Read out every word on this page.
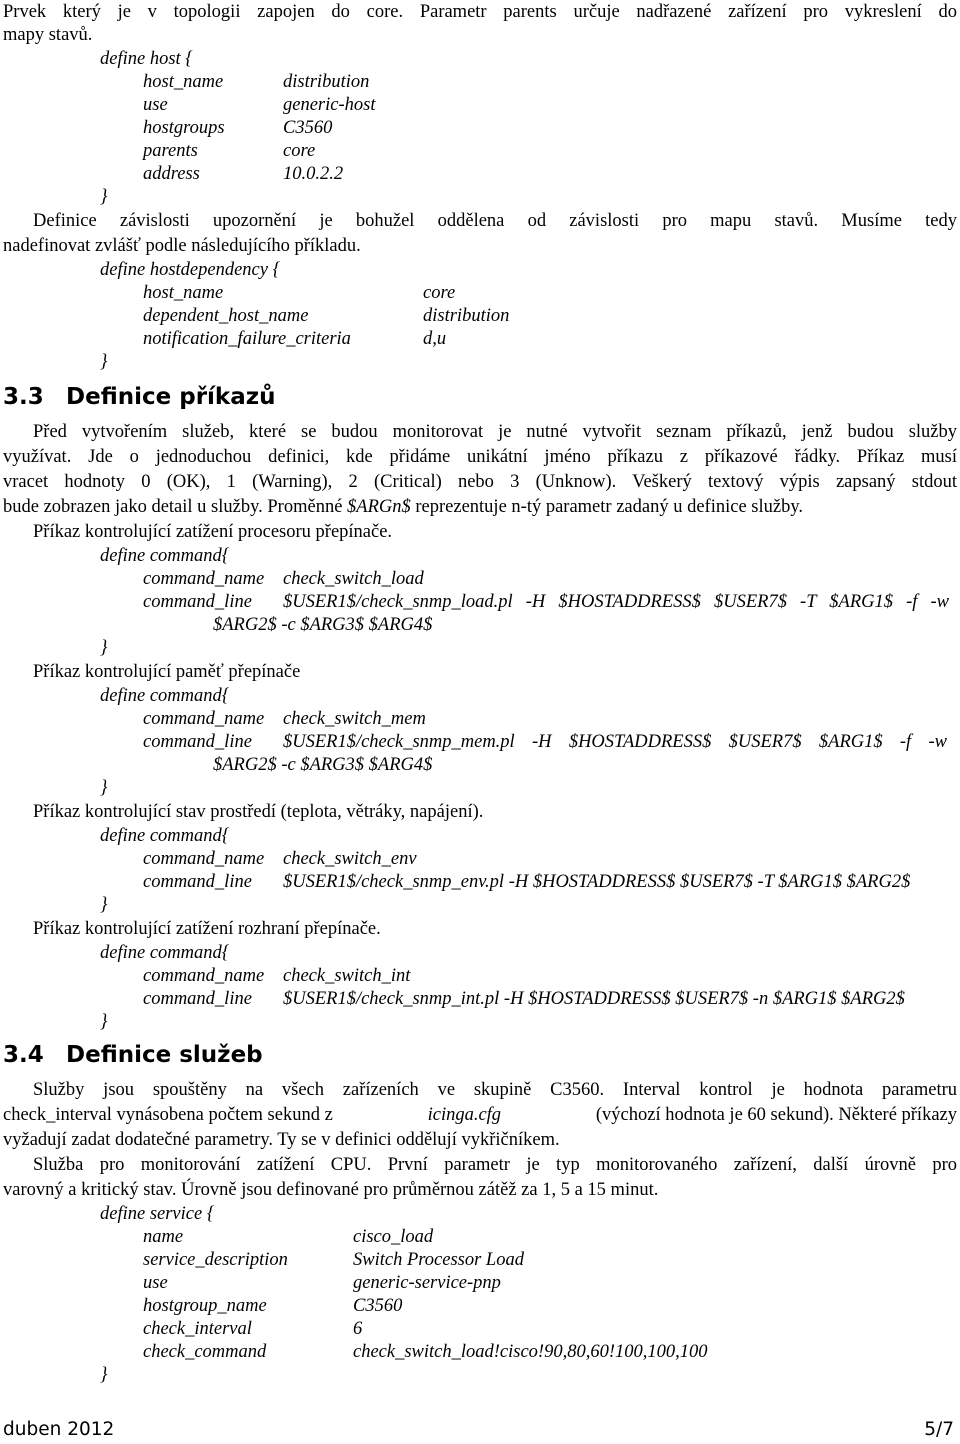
Prvek který je v topologii zapojen do core. Parametr parents určuje nadřazené zařízení pro vykreslení do
mapy stavů.
define host {
host_name	distribution
use	generic-host
hostgroups	C3560
parents	core
address	10.0.2.2
}
Definice závislosti upozornění je bohužel oddělena od závislosti pro mapu stavů. Musíme tedy
nadefinovat zvlášť podle následujícího příkladu.
define hostdependency {
host_name	core
dependent_host_name	distribution
notification_failure_criteria	d,u
}
3.3 Definice příkazů
Před vytvořením služeb, které se budou monitorovat je nutné vytvořit seznam příkazů, jenž budou služby
využívat. Jde o jednoduchou definici, kde přidáme unikátní jméno příkazu z příkazové řádky. Příkaz musí
vracet hodnoty 0 (OK), 1 (Warning), 2 (Critical) nebo 3 (Unknow). Veškerý textový výpis zapsaný stdout
bude zobrazen jako detail u služby. Proměnné $ARGn$ reprezentuje n-tý parametr zadaný u definice služby.
Příkaz kontrolující zatížení procesoru přepínače.
define command{
command_name check_switch_load
command_line $USER1$/check_snmp_load.pl -H $HOSTADDRESS$ $USER7$ -T $ARG1$ -f -w
$ARG2$ -c $ARG3$ $ARG4$
}
Příkaz kontrolující paměť přepínače
define command{
command_name check_switch_mem
command_line $USER1$/check_snmp_mem.pl -H $HOSTADDRESS$ $USER7$ $ARG1$ -f -w
$ARG2$ -c $ARG3$ $ARG4$
}
Příkaz kontrolující stav prostředí (teplota, větráky, napájení).
define command{
command_name check_switch_env
command_line $USER1$/check_snmp_env.pl -H $HOSTADDRESS$ $USER7$ -T $ARG1$ $ARG2$
}
Příkaz kontrolující zatížení rozhraní přepínače.
define command{
command_name check_switch_int
command_line $USER1$/check_snmp_int.pl -H $HOSTADDRESS$ $USER7$ -n $ARG1$ $ARG2$
}
3.4 Definice služeb
Služby jsou spouštěny na všech zařízeních ve skupině C3560. Interval kontrol je hodnota parametru
check_interval vynásobena počtem sekund z	icinga.cfg	(výchozí hodnota je 60 sekund). Některé příkazy
vyžadují zadat dodatečné parametry. Ty se v definici oddělují vykřičníkem.
Služba pro monitorování zatížení CPU. První parametr je typ monitorovaného zařízení, další úrovně pro
varovný a kritický stav. Úrovně jsou definované pro průměrnou zátěž za 1, 5 a 15 minut.
define service {
name	cisco_load
service_description	Switch Processor Load
use	generic-service-pnp
hostgroup_name	C3560
check_interval	6
check_command	check_switch_load!cisco!90,80,60!100,100,100
}
duben 2012	5/7
